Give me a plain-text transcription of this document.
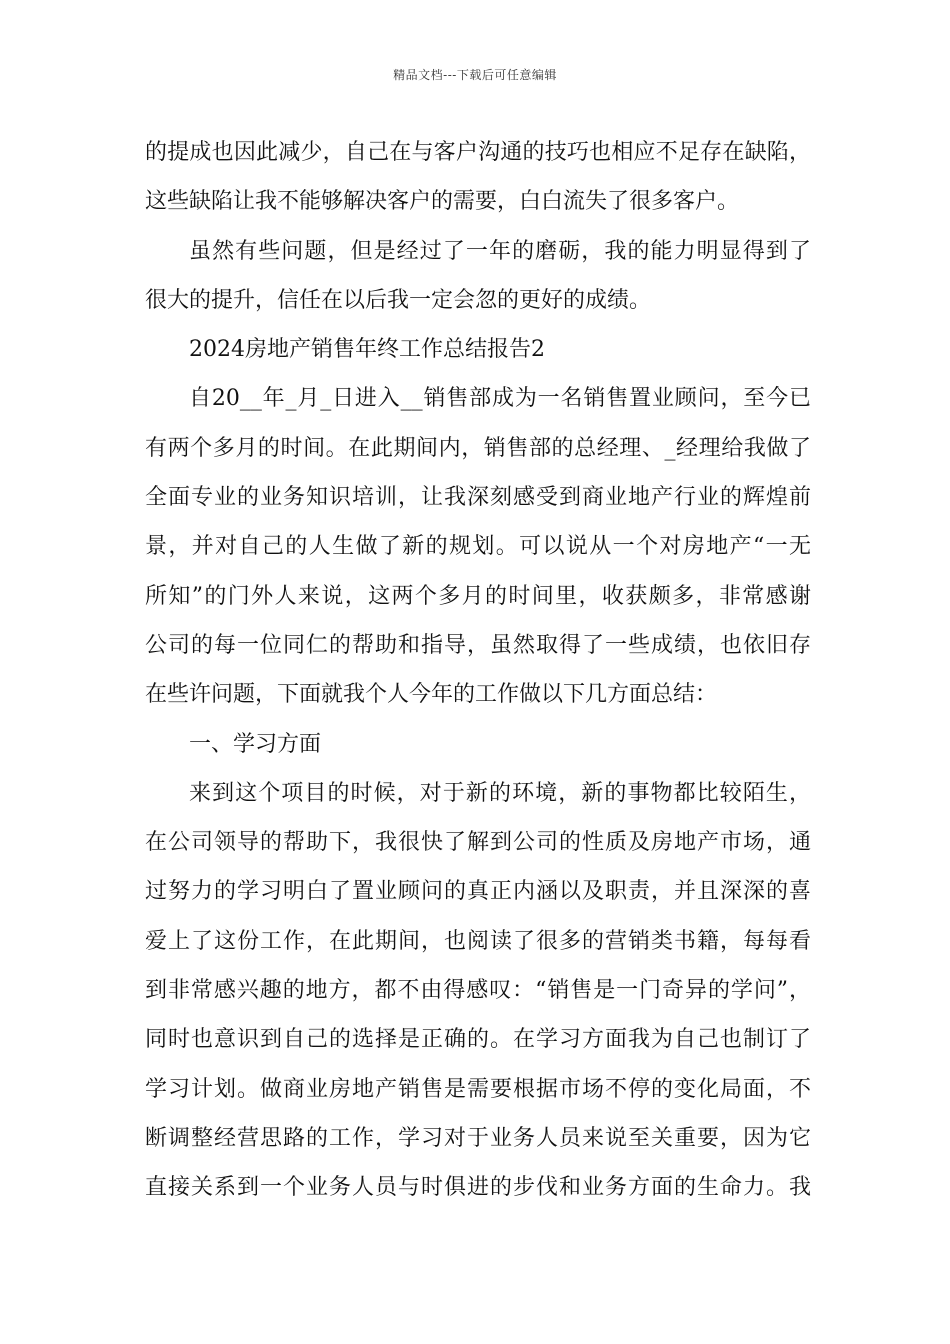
精品文档---下载后可任意编辑
的提成也因此减少，自己在与客户沟通的技巧也相应不足存在缺陷，
这些缺陷让我不能够解决客户的需要，白白流失了很多客户。
虽然有些问题，但是经过了一年的磨砺，我的能力明显得到了
很大的提升，信任在以后我一定会忽的更好的成绩。
2024房地产销售年终工作总结报告2
自20__年_月_日进入__销售部成为一名销售置业顾问，至今已
有两个多月的时间。在此期间内，销售部的总经理、_经理给我做了
全面专业的业务知识培训，让我深刻感受到商业地产行业的辉煌前
景，并对自己的人生做了新的规划。可以说从一个对房地产“一无
所知”的门外人来说，这两个多月的时间里，收获颇多，非常感谢
公司的每一位同仁的帮助和指导，虽然取得了一些成绩，也依旧存
在些许问题，下面就我个人今年的工作做以下几方面总结：
一、学习方面
来到这个项目的时候，对于新的环境，新的事物都比较陌生，
在公司领导的帮助下，我很快了解到公司的性质及房地产市场，通
过努力的学习明白了置业顾问的真正内涵以及职责，并且深深的喜
爱上了这份工作，在此期间，也阅读了很多的营销类书籍，每每看
到非常感兴趣的地方，都不由得感叹：“销售是一门奇异的学问”，
同时也意识到自己的选择是正确的。在学习方面我为自己也制订了
学习计划。做商业房地产销售是需要根据市场不停的变化局面，不
断调整经营思路的工作，学习对于业务人员来说至关重要，因为它
直接关系到一个业务人员与时俱进的步伐和业务方面的生命力。我
